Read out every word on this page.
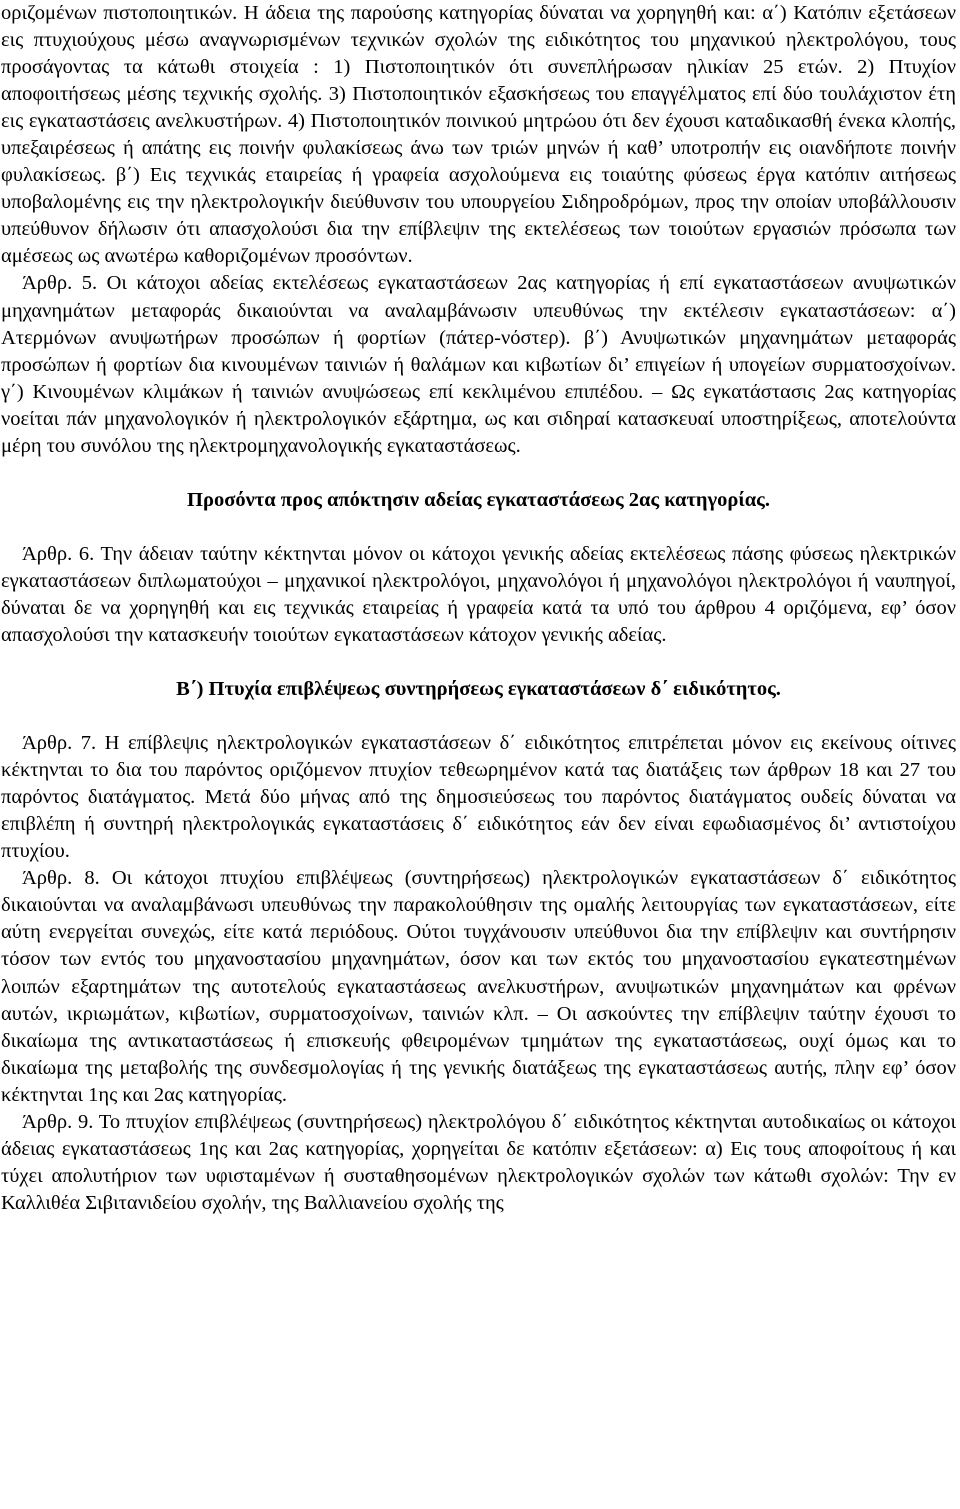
οριζομένων πιστοποιητικών. Η άδεια της παρούσης κατηγορίας δύναται να χορηγηθή και: α΄) Κατόπιν εξετάσεων εις πτυχιούχους μέσω αναγνωρισμένων τεχνικών σχολών της ειδικότητος του μηχανικού ηλεκτρολόγου, τους προσάγοντας τα κάτωθι στοιχεία : 1) Πιστοποιητικόν ότι συνεπλήρωσαν ηλικίαν 25 ετών. 2) Πτυχίον αποφοιτήσεως μέσης τεχνικής σχολής. 3) Πιστοποιητικόν εξασκήσεως του επαγγέλματος επί δύο τουλάχιστον έτη εις εγκαταστάσεις ανελκυστήρων. 4) Πιστοποιητικόν ποινικού μητρώου ότι δεν έχουσι καταδικασθή ένεκα κλοπής, υπεξαιρέσεως ή απάτης εις ποινήν φυλακίσεως άνω των τριών μηνών ή καθ’ υποτροπήν εις οιανδήποτε ποινήν φυλακίσεως. β΄) Εις τεχνικάς εταιρείας ή γραφεία ασχολούμενα εις τοιαύτης φύσεως έργα κατόπιν αιτήσεως υποβαλομένης εις την ηλεκτρολογικήν διεύθυνσιν του υπουργείου Σιδηροδρόμων, προς την οποίαν υποβάλλουσιν υπεύθυνον δήλωσιν ότι απασχολούσι δια την επίβλεψιν της εκτελέσεως των τοιούτων εργασιών πρόσωπα των αμέσεως ως ανωτέρω καθοριζομένων προσόντων.

Άρθρ. 5. Οι κάτοχοι αδείας εκτελέσεως εγκαταστάσεων 2ας κατηγορίας ή επί εγκαταστάσεων ανυψωτικών μηχανημάτων μεταφοράς δικαιούνται να αναλαμβάνωσιν υπευθύνως την εκτέλεσιν εγκαταστάσεων: α΄) Ατερμόνων ανυψωτήρων προσώπων ή φορτίων (πάτερ-νόστερ). β΄) Ανυψωτικών μηχανημάτων μεταφοράς προσώπων ή φορτίων δια κινουμένων ταινιών ή θαλάμων και κιβωτίων δι’ επιγείων ή υπογείων συρματοσχοίνων. γ΄) Κινουμένων κλιμάκων ή ταινιών ανυψώσεως επί κεκλιμένου επιπέδου. – Ως εγκατάστασις 2ας κατηγορίας νοείται πάν μηχανολογικόν ή ηλεκτρολογικόν εξάρτημα, ως και σιδηραί κατασκευαί υποστηρίξεως, αποτελούντα μέρη του συνόλου της ηλεκτρομηχανολογικής εγκαταστάσεως.

Προσόντα προς απόκτησιν αδείας εγκαταστάσεως 2ας κατηγορίας.

Άρθρ. 6. Την άδειαν ταύτην κέκτηνται μόνον οι κάτοχοι γενικής αδείας εκτελέσεως πάσης φύσεως ηλεκτρικών εγκαταστάσεων διπλωματούχοι – μηχανικοί ηλεκτρολόγοι, μηχανολόγοι ή μηχανολόγοι ηλεκτρολόγοι ή ναυπηγοί, δύναται δε να χορηγηθή και εις τεχνικάς εταιρείας ή γραφεία κατά τα υπό του άρθρου 4 οριζόμενα, εφ’ όσον απασχολούσι την κατασκευήν τοιούτων εγκαταστάσεων κάτοχον γενικής αδείας.

Β΄) Πτυχία επιβλέψεως συντηρήσεως εγκαταστάσεων δ΄ ειδικότητος.

Άρθρ. 7. Η επίβλεψις ηλεκτρολογικών εγκαταστάσεων δ΄ ειδικότητος επιτρέπεται μόνον εις εκείνους οίτινες κέκτηνται το δια του παρόντος οριζόμενον πτυχίον τεθεωρημένον κατά τας διατάξεις των άρθρων 18 και 27 του παρόντος διατάγματος. Μετά δύο μήνας από της δημοσιεύσεως του παρόντος διατάγματος ουδείς δύναται να επιβλέπη ή συντηρή ηλεκτρολογικάς εγκαταστάσεις δ΄ ειδικότητος εάν δεν είναι εφωδιασμένος δι’ αντιστοίχου πτυχίου.

Άρθρ. 8. Οι κάτοχοι πτυχίου επιβλέψεως (συντηρήσεως) ηλεκτρολογικών εγκαταστάσεων δ΄ ειδικότητος δικαιούνται να αναλαμβάνωσι υπευθύνως την παρακολούθησιν της ομαλής λειτουργίας των εγκαταστάσεων, είτε αύτη ενεργείται συνεχώς, είτε κατά περιόδους. Ούτοι τυγχάνουσιν υπεύθυνοι δια την επίβλεψιν και συντήρησιν τόσον των εντός του μηχανοστασίου μηχανημάτων, όσον και των εκτός του μηχανοστασίου εγκατεστημένων λοιπών εξαρτημάτων της αυτοτελούς εγκαταστάσεως ανελκυστήρων, ανυψωτικών μηχανημάτων και φρένων αυτών, ικριωμάτων, κιβωτίων, συρματοσχοίνων, ταινιών κλπ. – Οι ασκούντες την επίβλεψιν ταύτην έχουσι το δικαίωμα της αντικαταστάσεως ή επισκευής φθειρομένων τμημάτων της εγκαταστάσεως, ουχί όμως και το δικαίωμα της μεταβολής της συνδεσμολογίας ή της γενικής διατάξεως της εγκαταστάσεως αυτής, πλην εφ’ όσον κέκτηνται 1ης και 2ας κατηγορίας.

Άρθρ. 9. Το πτυχίον επιβλέψεως (συντηρήσεως) ηλεκτρολόγου δ΄ ειδικότητος κέκτηνται αυτοδικαίως οι κάτοχοι άδειας εγκαταστάσεως 1ης και 2ας κατηγορίας, χορηγείται δε κατόπιν εξετάσεων: α) Εις τους αποφοίτους ή και τύχει απολυτήριον των υφισταμένων ή συσταθησομένων ηλεκτρολογικών σχολών των κάτωθι σχολών: Την εν Καλλιθέα Σιβιτανιδείου σχολήν, της Βαλλιανείου σχολής της
